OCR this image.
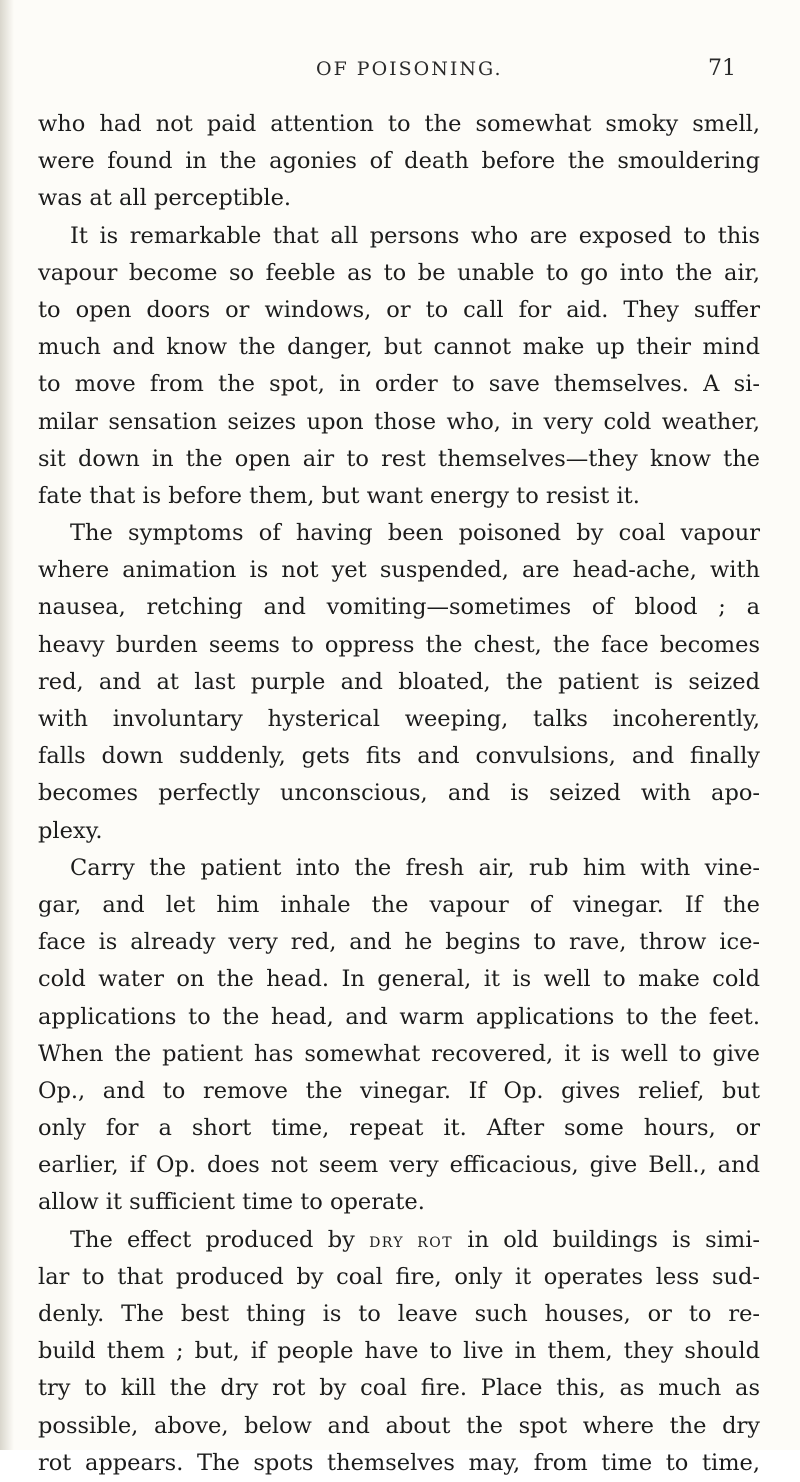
OF POISONING.	71
who had not paid attention to the somewhat smoky smell,
were found in the agonies of death before the smouldering
was at all perceptible.
It is remarkable that all persons who are exposed to this
vapour become so feeble as to be unable to go into the air,
to open doors or windows, or to call for aid. They suffer
much and know the danger, but cannot make up their mind
to move from the spot, in order to save themselves. A si-
milar sensation seizes upon those who, in very cold weather,
sit down in the open air to rest themselves—they know the
fate that is before them, but want energy to resist it.
The symptoms of having been poisoned by coal vapour
where animation is not yet suspended, are head-ache, with
nausea, retching and vomiting—sometimes of blood ; a
heavy burden seems to oppress the chest, the face becomes
red, and at last purple and bloated, the patient is seized
with involuntary hysterical weeping, talks incoherently,
falls down suddenly, gets fits and convulsions, and finally
becomes perfectly unconscious, and is seized with apo-
plexy.
Carry the patient into the fresh air, rub him with vine-
gar, and let him inhale the vapour of vinegar. If the
face is already very red, and he begins to rave, throw ice-
cold water on the head. In general, it is well to make cold
applications to the head, and warm applications to the feet.
When the patient has somewhat recovered, it is well to give
Op., and to remove the vinegar. If Op. gives relief, but
only for a short time, repeat it. After some hours, or
earlier, if Op. does not seem very efficacious, give Bell., and
allow it sufficient time to operate.
The effect produced by DRY ROT in old buildings is simi-
lar to that produced by coal fire, only it operates less sud-
denly. The best thing is to leave such houses, or to re-
build them ; but, if people have to live in them, they should
try to kill the dry rot by coal fire. Place this, as much as
possible, above, below and about the spot where the dry
rot appears. The spots themselves may, from time to time,
